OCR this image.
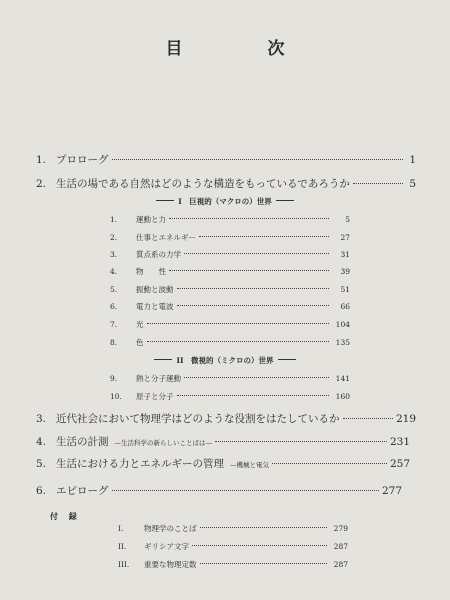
目　次
1. プロローグ	1
2. 生活の場である自然はどのような構造をもっているであろうか	5
I　巨視的（マクロの）世界
1.	運動と力	5
2.	仕事とエネルギー	27
3.	質点系の力学	31
4.	物　　性	39
5.	振動と波動	51
6.	電力と電波	66
7.	光	104
8.	色	135
II　微視的（ミクロの）世界
9.	熱と分子運動	141
10.	原子と分子	160
3. 近代社会において物理学はどのような役割をはたしているか	219
4. 生活の計測 —生活科学の新らしいことばは—	231
5. 生活における力とエネルギーの管理 —機械と電気	257
6. エピローグ	277
付 録
I.	物理学のことば	279
II.	ギリシア文字	287
III.	重要な物理定数	287
